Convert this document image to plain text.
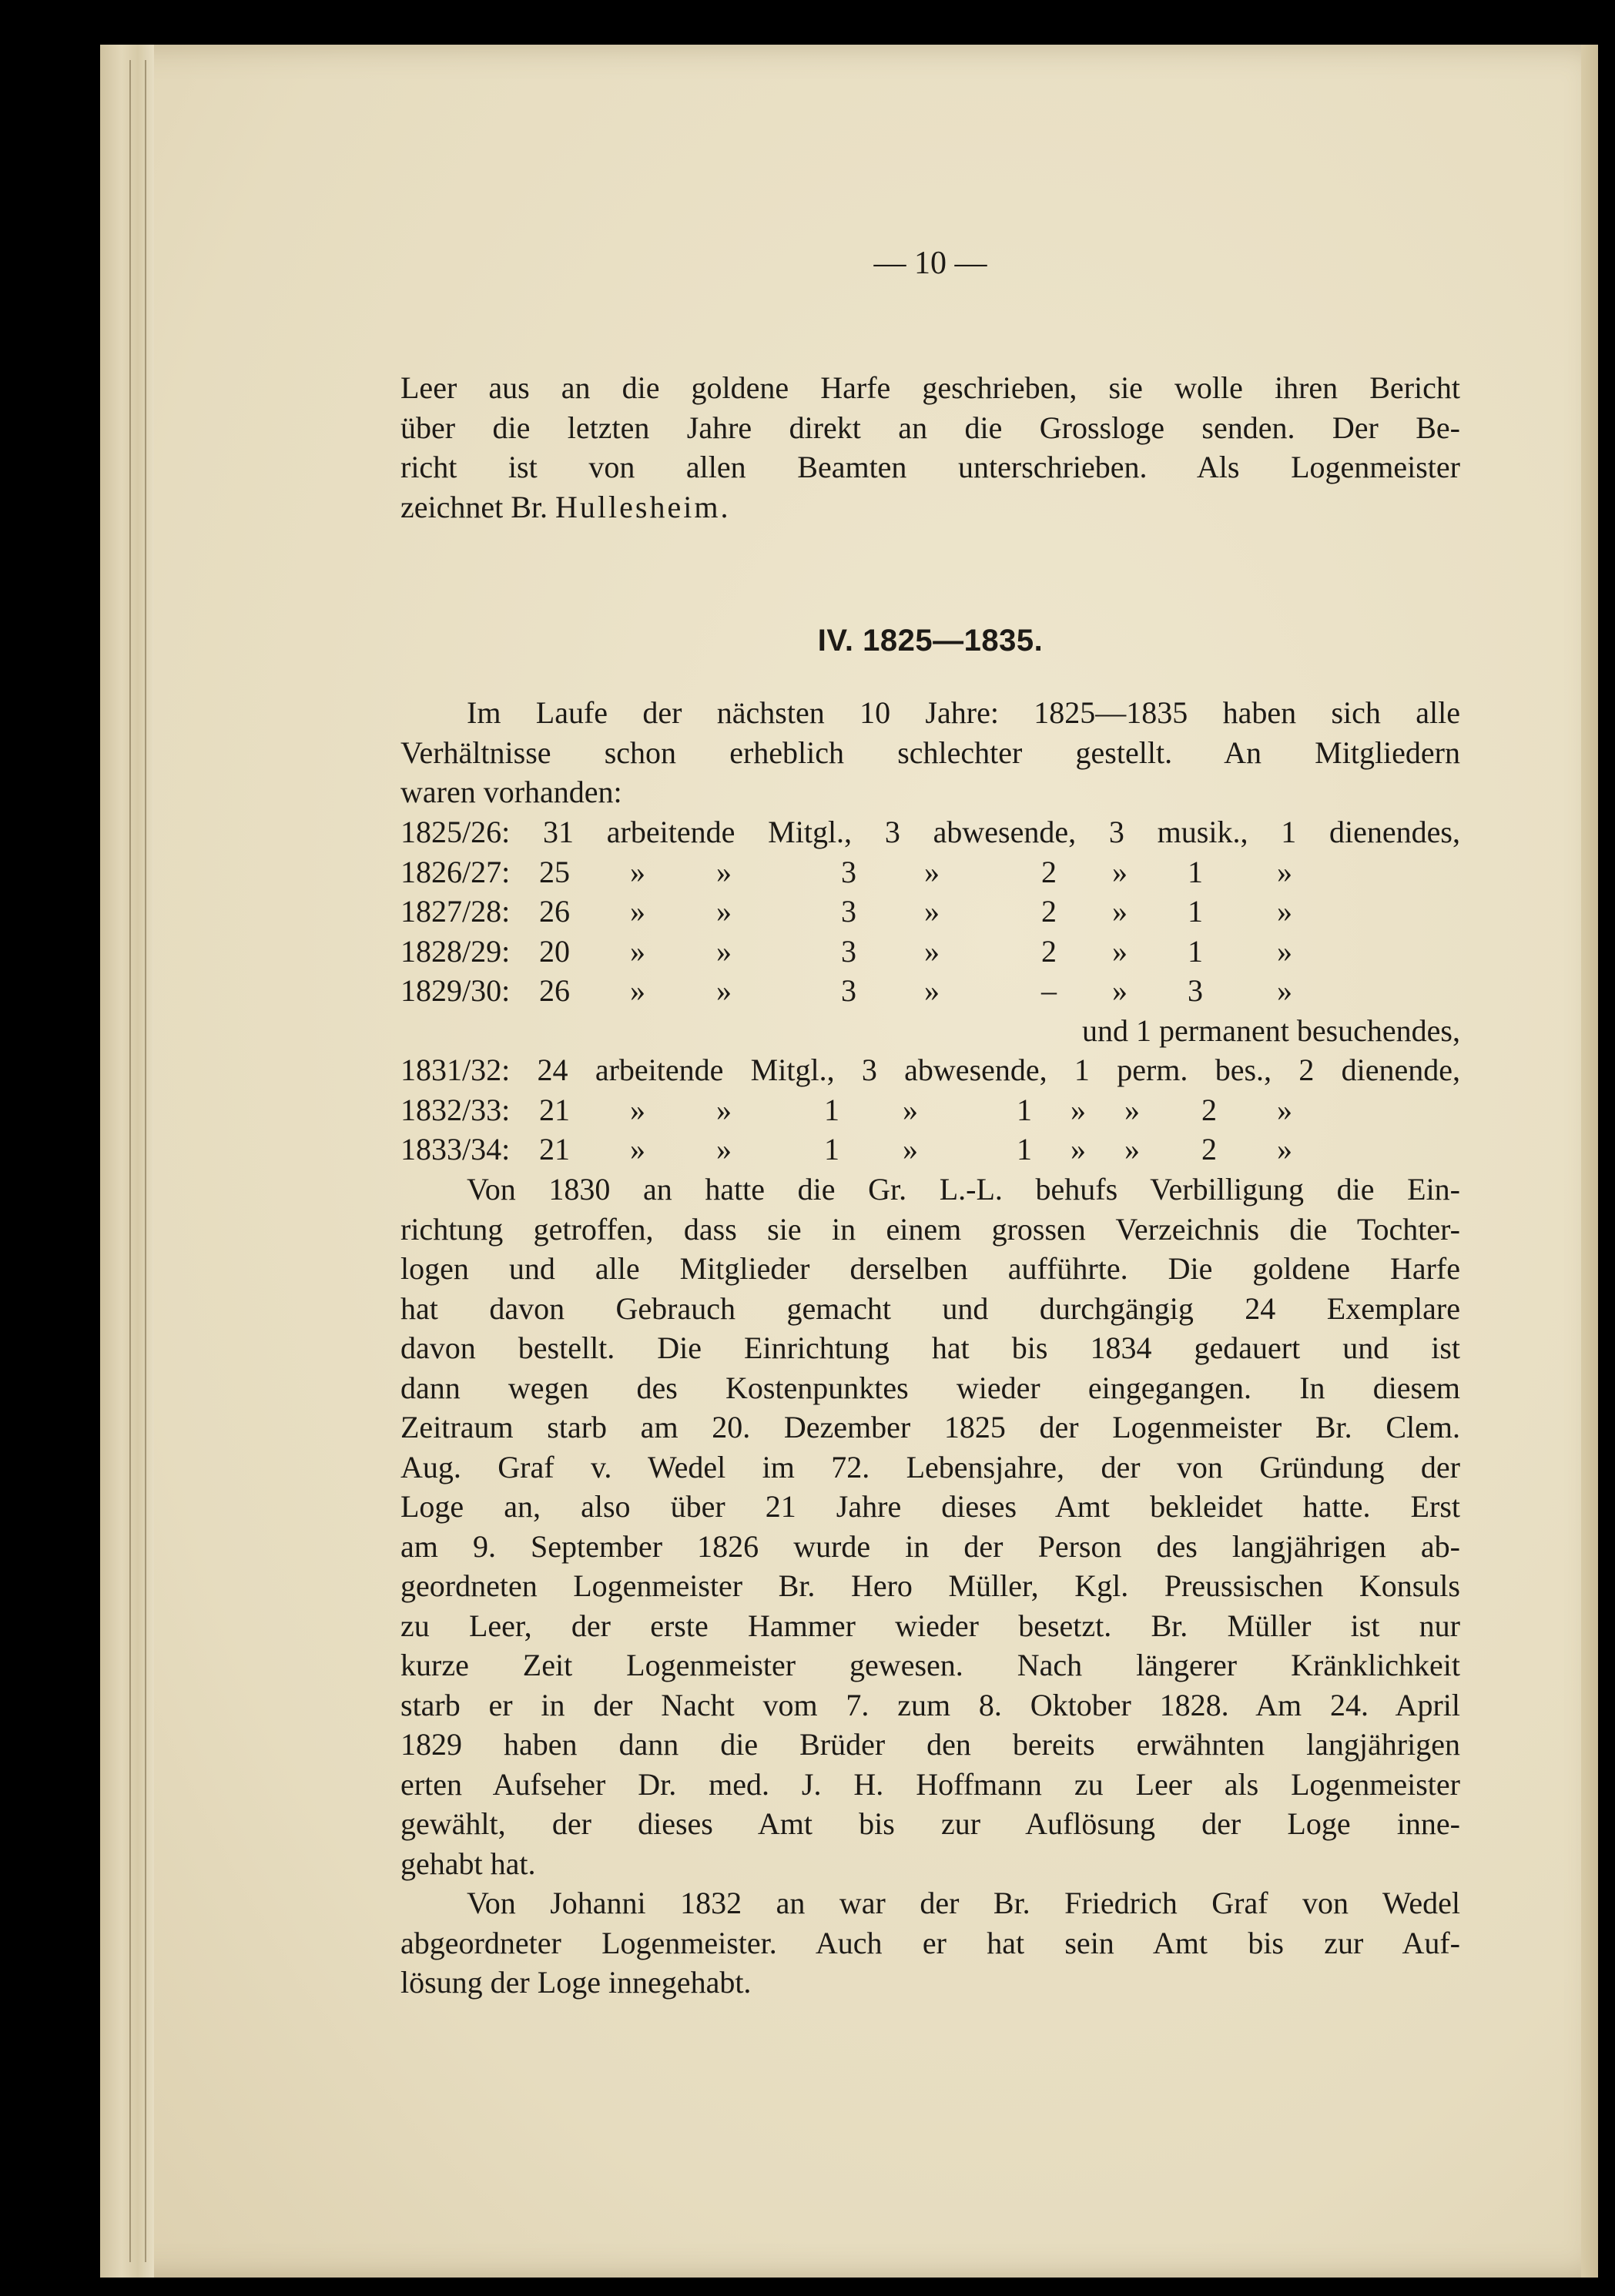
— 10 —
Leer aus an die goldene Harfe geschrieben, sie wolle ihren Bericht
über die letzten Jahre direkt an die Grossloge senden. Der Be-
richt ist von allen Beamten unterschrieben. Als Logenmeister
zeichnet Br. Hullesheim.
IV. 1825—1835.
Im Laufe der nächsten 10 Jahre: 1825—1835 haben sich alle
Verhältnisse schon erheblich schlechter gestellt. An Mitgliedern
waren vorhanden:
1825/26: 31 arbeitende Mitgl., 3 abwesende, 3 musik., 1 dienendes,
1826/27: 25 » »	3 »	2 » 1 »
1827/28: 26 » »	3 »	2 » 1 »
1828/29: 20 » »	3 »	2 » 1 »
1829/30: 26 » »	3 »	– » 3 »
und 1 permanent besuchendes,
1831/32: 24 arbeitende Mitgl., 3 abwesende, 1 perm. bes., 2 dienende,
1832/33: 21 » »	1 »	1 » » 2 »
1833/34: 21 » »	1 »	1 » » 2 »
Von 1830 an hatte die Gr. L.-L. behufs Verbilligung die Ein-
richtung getroffen, dass sie in einem grossen Verzeichnis die Tochter-
logen und alle Mitglieder derselben aufführte. Die goldene Harfe
hat davon Gebrauch gemacht und durchgängig 24 Exemplare
davon bestellt. Die Einrichtung hat bis 1834 gedauert und ist
dann wegen des Kostenpunktes wieder eingegangen. In diesem
Zeitraum starb am 20. Dezember 1825 der Logenmeister Br. Clem.
Aug. Graf v. Wedel im 72. Lebensjahre, der von Gründung der
Loge an, also über 21 Jahre dieses Amt bekleidet hatte. Erst
am 9. September 1826 wurde in der Person des langjährigen ab-
geordneten Logenmeister Br. Hero Müller, Kgl. Preussischen Konsuls
zu Leer, der erste Hammer wieder besetzt. Br. Müller ist nur
kurze Zeit Logenmeister gewesen. Nach längerer Kränklichkeit
starb er in der Nacht vom 7. zum 8. Oktober 1828. Am 24. April
1829 haben dann die Brüder den bereits erwähnten langjährigen
erten Aufseher Dr. med. J. H. Hoffmann zu Leer als Logenmeister
gewählt, der dieses Amt bis zur Auflösung der Loge inne-
gehabt hat.
Von Johanni 1832 an war der Br. Friedrich Graf von Wedel
abgeordneter Logenmeister. Auch er hat sein Amt bis zur Auf-
lösung der Loge innegehabt.
